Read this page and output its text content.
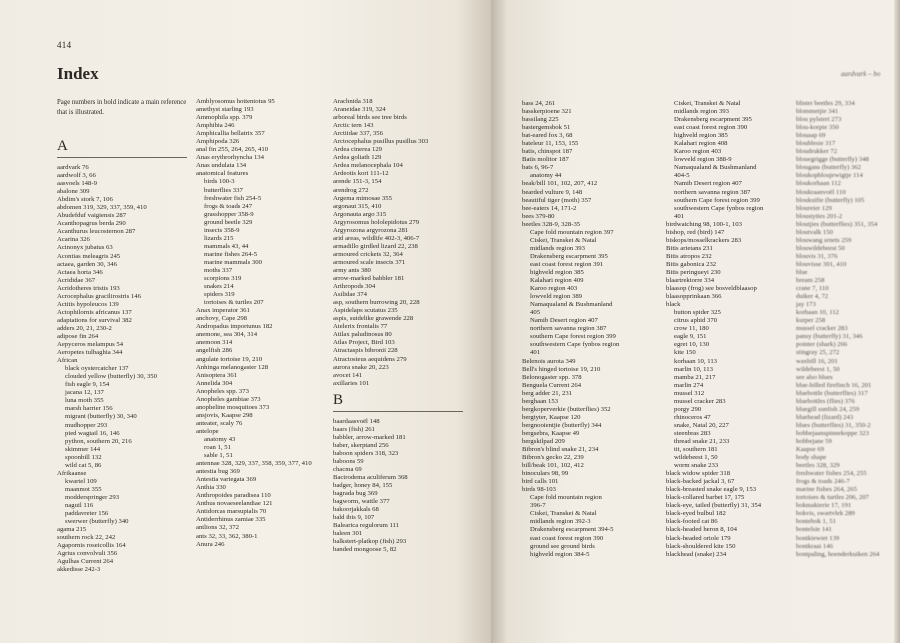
414
Index
Page numbers in bold indicate a main reference that is illustrated.
A
aardvark 76
aardwolf 3, 66
aasvoels 148-9
abalone 309
Abdim's stork 7, 106
abdomen 319, 329, 337, 359, 410
Abudefduf vaigiensis 287
Acanthopagrus berda 290
Acanthurus leucosternon 287
Acarina 326
Acinonyx jubatus 63
Acontias meleagris 245
actaea, garden 30, 346
Actaea horta 346
Acrididae 367
Acridotheres tristis 193
Acrocephalus gracilirostris 146
Actitis hypoleucos 139
Actophilornis africanus 137
adaptations for survival 382
adders 20, 21, 230-2
adipose fin 264
Aepyceros melampus 54
Aeropetes tulbaghia 344
African
black oystercatcher 137
clouded yellow (butterfly) 30, 350
fish eagle 9, 154
jacana 12, 137
luna moth 355
marsh harrier 156
migrant (butterfly) 30, 340
mudhopper 293
pied wagtail 16, 146
python, southern 20, 216
skimmer 144
spoonbill 132
wild cat 5, 86
Afrikaanse
kwartel 109
maanmot 355
modderspringer 293
naguil 116
paddavreter 156
swerwer (butterfly) 340
agama 215
southern rock 22, 242
Agapornis roseicollis 164
Agrius convolvuli 356
Agulhas Current 264
akkedisse 242-3
Amblyosomus hottentotus 95
amethyst starling 193
Ammophila spp. 379
Amphibia 246
Amphicallia bellatrix 357
Amphipoda 326
anal fin 255, 264, 265, 410
Anas erythrorhyncha 134
Anas undulata 134
anatomical features
birds 100-3
butterflies 337
freshwater fish 254-5
frogs & toads 247
grasshopper 358-9
ground beetle 329
insects 358-9
lizards 215
mammals 43, 44
marine fishes 264-5
marine mammals 300
moths 337
scorpions 319
snakes 214
spiders 319
tortoises & turtles 207
Anax imperator 361
anchovy, Cape 298
Andropadus importunus 182
anemone, sea 304, 314
anemoon 314
angelfish 286
angulate tortoise 19, 210
Anhinga melanogaster 128
Anisoptera 361
Annelida 304
Anopheles spp. 373
Anopheles gambiae 373
anopheline mosquitoes 373
ansjovis, Kaapse 298
anteater, scaly 76
antelope
anatomy 43
roan 1, 51
sable 1, 51
antennae 328, 329, 337, 358, 359, 377, 410
antestia bug 369
Antestia variegata 369
Anthia 330
Anthropoides paradisea 110
Anthus novaeseelandiae 121
Antidorcas marsupialis 70
Antiderrhinus zamiae 335
antlions 32, 372
ants 32, 33, 362, 380-1
Anura 246
Arachnida 318
Araneidae 319, 324
arboreal birds see tree birds
Arctic tern 143
Arctiidae 337, 356
Arctocephalus pusillus pusillus 303
Ardea cinerea 129
Ardea goliath 129
Ardea melanocephala 104
Ardeotis kori 111-12
arende 151-3, 154
arendrog 272
Argema mimosae 355
argonaut 315, 410
Argonauta argo 315
Argyrosomus hololepidotus 279
Argyrozona argyrozona 281
arid areas, wildlife 402-3, 406-7
armadillo girdled lizard 22, 238
armoured crickets 32, 364
armoured scale insects 371
army ants 380
arrow-marked babbler 181
Arthropods 304
Asilidae 374
asp, southern burrowing 20, 228
Aspidelaps scutatus 235
aspis, suidelike grawende 228
Atelerix frontalis 77
Atilax paludinosus 80
Atlas Project, Bird 103
Atractaspis bibronii 228
Atractosteus aequidens 279
aurora snake 20, 223
avocet 141
axillaries 101
B
baardaasvoël 148
baars (fish) 261
babbler, arrow-marked 181
baber, skerptand 256
baboon spiders 318, 323
baboons 59
chacma 69
Bactrodema aculiferum 368
badger, honey 84, 155
bagrada bug 369
bagworm, wattle 377
bakoorjakkals 68
bald ibis 9, 107
Balearica regulorum 111
baleen 301
balkstert-platkop (fish) 293
banded mongoose 5, 82
bass 24, 261
basskerpioene 321
bassilang 225
bastergemsbok 51
bat-eared fox 3, 68
bateleur 11, 153, 155
batis, chinspot 187
Batis molitor 187
bats 6, 96-7
anatomy 44
beak/bill 101, 102, 207, 412
bearded vulture 9, 148
beautiful tiger (moth) 357
bee-eaters 14, 171-2
bees 379-80
beetles 328-9, 328-35
Cape fold mountain region 397
Ciskei, Transkei & Natal
midlands region 393
Drakensberg escarpment 395
east coast forest region 391
highveld region 385
Kalahari region 409
Karoo region 403
lowveld region 389
Namaqualand & Bushmanland
405
Namib Desert region 407
northern savanna region 387
southern Cape forest region 399
southwestern Cape fynbos region
401
Belenois aurota 349
Bell's hinged tortoise 19, 210
Belonogaster spp. 378
Benguela Current 264
berg adder 21, 231
berghaan 153
bergkoperverkie (butterflies) 352
bergtyter, Kaapse 120
bergnooientjie (butterfly) 344
bergsebra, Kaapse 49
bergskilpad 209
Bibron's blind snake 21, 234
Bibron's gecko 22, 239
bill/beak 101, 102, 412
binoculars 98, 99
bird calls 101
birds 98-103
Cape fold mountain region
396-7
Ciskei, Transkei & Natal
midlands region 392-3
Drakensberg escarpment 394-5
east coast forest region 390
ground see ground birds
highveld region 384-5
Ciskei, Transkei & Natal
midlands region 393
Drakensberg escarpment 395
east coast forest region 390
highveld region 385
Kalahari region 408
Karoo region 403
lowveld region 388-9
Namaqualand & Bushmanland
404-5
Namib Desert region 407
northern savanna region 387
southern Cape forest region 399
southwestern Cape fynbos region
401
birdwatching 98, 100-1, 103
bishop, red (bird) 147
biskops/mosselkrackers 283
Bitis arietans 231
Bitis atropos 232
Bitis gabonica 232
Bitis peringueyi 230
blaartrektorre 334
blaasop (frog) see bosveldblaasop
blaasopprinkaan 366
black
button spider 325
citrus aphid 370
crow 11, 180
eagle 9, 151
egret 10, 130
kite 150
korhaan 10, 113
marlin 10, 113
mamba 21, 217
marlin 274
mussel 312
mussel cracker 283
porgy 290
rhinoceros 47
snake, Natal 20, 227
steenbras 283
thread snake 21, 233
tit, southern 181
wildebeest 1, 50
worm snake 233
black widow spider 318
black-backed jackal 3, 67
black-breasted snake eagle 9, 153
black-collared barbet 17, 175
black-eye, tailed (butterfly) 31, 354
black-eyed bulbul 182
black-footed cat 86
black-headed heron 8, 104
black-headed oriole 179
black-shouldered kite 150
blackhead (snake) 234
aardvark – bo
blister beetles 29, 334
blommetjie 341
blou pylstert 273
blou-korpie 350
blouaap 69
bloublesie 317
bloudrukker 72
blouegrigge (butterfly) 348
blougans (butterfly) 362
bloukopbloujewigtje 114
bloukorhaan 112
bloukraanvoël 110
bloukuifie (butterfly) 105
bloureier 129
bloustyties 201-2
bloutjies (butterflies) 351, 354
bloutvalk 150
blouwang srnets 259
blouwildebeest 50
blouvis 31, 376
blouvisse 301, 410
blue
bream 258
crane 7, 110
duiker 4, 72
jay 173
korhaan 10, 112
kurper 258
mussel cracker 283
pansy (butterfly) 31, 346
pointer (shark) 266
stingray 25, 272
waxbill 16, 201
wildebeest 1, 50
see also blues
blue-billed firefinch 16, 201
bluebottle (butterflies) 317
bluebottles (flies) 376
bluegill sunfish 24, 259
bluehead (lizard) 243
blues (butterflies) 31, 350-2
bobbejaanspinnekoppe 323
bobbejane 59
Kaapse 69
body shape
beetles 328, 329
freshwater fishes 254, 255
frogs & toads 246-7
marine fishes 264, 265
tortoises & turtles 206, 207
bokmakierie 17, 191
bokvis, swartvlek 289
bontebok 1, 51
bontelsie 141
bontkiewiet 139
bontkraai 146
bontpaling, hoenderkuiken 264
